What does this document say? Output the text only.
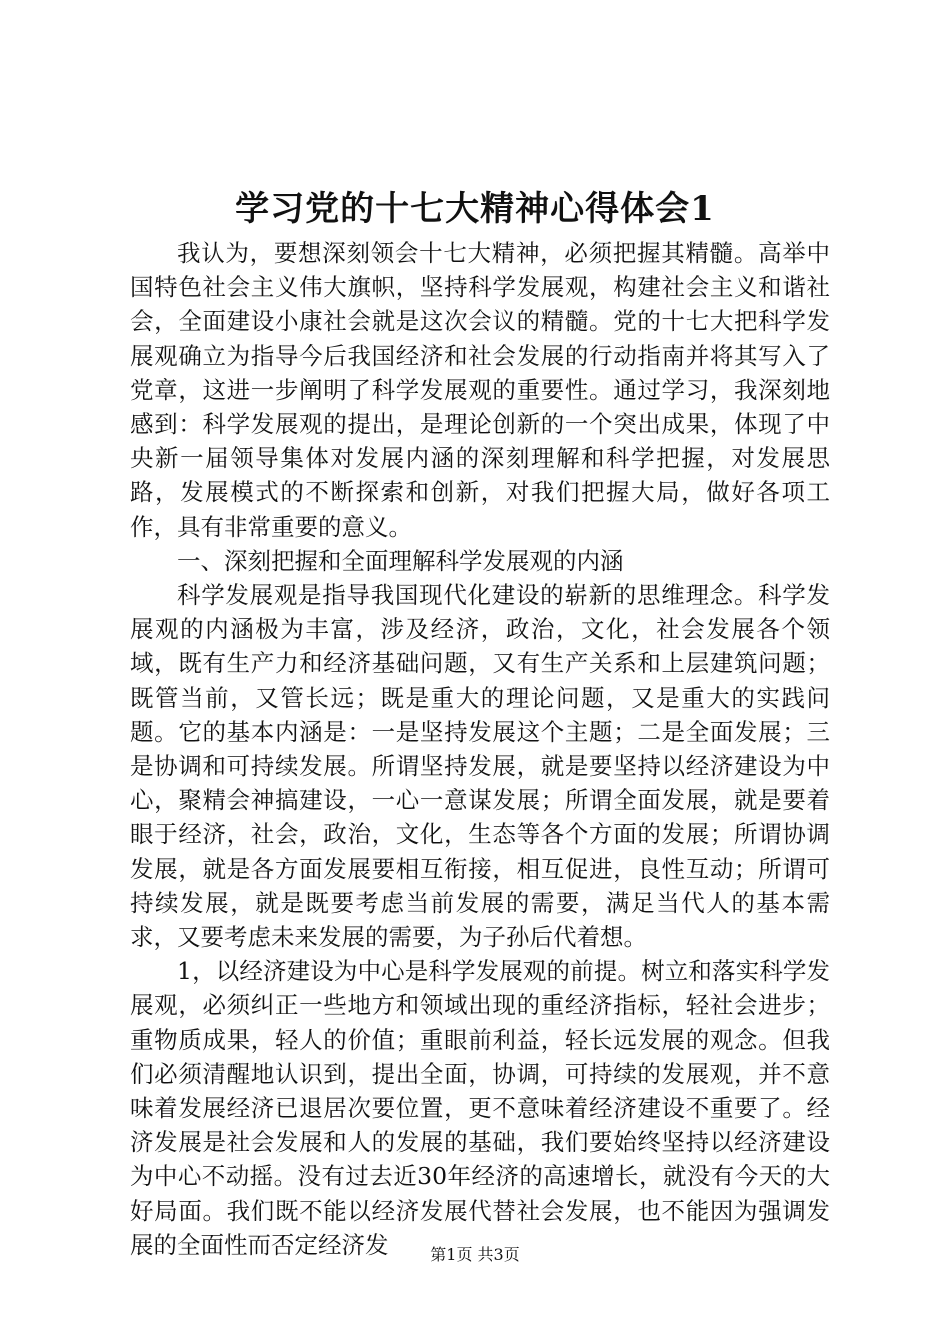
学习党的十七大精神心得体会1

我认为，要想深刻领会十七大精神，必须把握其精髓。高举中国特色社会主义伟大旗帜，坚持科学发展观，构建社会主义和谐社会，全面建设小康社会就是这次会议的精髓。党的十七大把科学发展观确立为指导今后我国经济和社会发展的行动指南并将其写入了党章，这进一步阐明了科学发展观的重要性。通过学习，我深刻地感到：科学发展观的提出，是理论创新的一个突出成果，体现了中央新一届领导集体对发展内涵的深刻理解和科学把握，对发展思路，发展模式的不断探索和创新，对我们把握大局，做好各项工作，具有非常重要的意义。

一、深刻把握和全面理解科学发展观的内涵

科学发展观是指导我国现代化建设的崭新的思维理念。科学发展观的内涵极为丰富，涉及经济，政治，文化，社会发展各个领域，既有生产力和经济基础问题，又有生产关系和上层建筑问题；既管当前，又管长远；既是重大的理论问题，又是重大的实践问题。它的基本内涵是：一是坚持发展这个主题；二是全面发展；三是协调和可持续发展。所谓坚持发展，就是要坚持以经济建设为中心，聚精会神搞建设，一心一意谋发展；所谓全面发展，就是要着眼于经济，社会，政治，文化，生态等各个方面的发展；所谓协调发展，就是各方面发展要相互衔接，相互促进，良性互动；所谓可持续发展，就是既要考虑当前发展的需要，满足当代人的基本需求，又要考虑未来发展的需要，为子孙后代着想。

1，以经济建设为中心是科学发展观的前提。树立和落实科学发展观，必须纠正一些地方和领域出现的重经济指标，轻社会进步；重物质成果，轻人的价值；重眼前利益，轻长远发展的观念。但我们必须清醒地认识到，提出全面，协调，可持续的发展观，并不意味着发展经济已退居次要位置，更不意味着经济建设不重要了。经济发展是社会发展和人的发展的基础，我们要始终坚持以经济建设为中心不动摇。没有过去近30年经济的高速增长，就没有今天的大好局面。我们既不能以经济发展代替社会发展，也不能因为强调发展的全面性而否定经济发	第1页 共3页
